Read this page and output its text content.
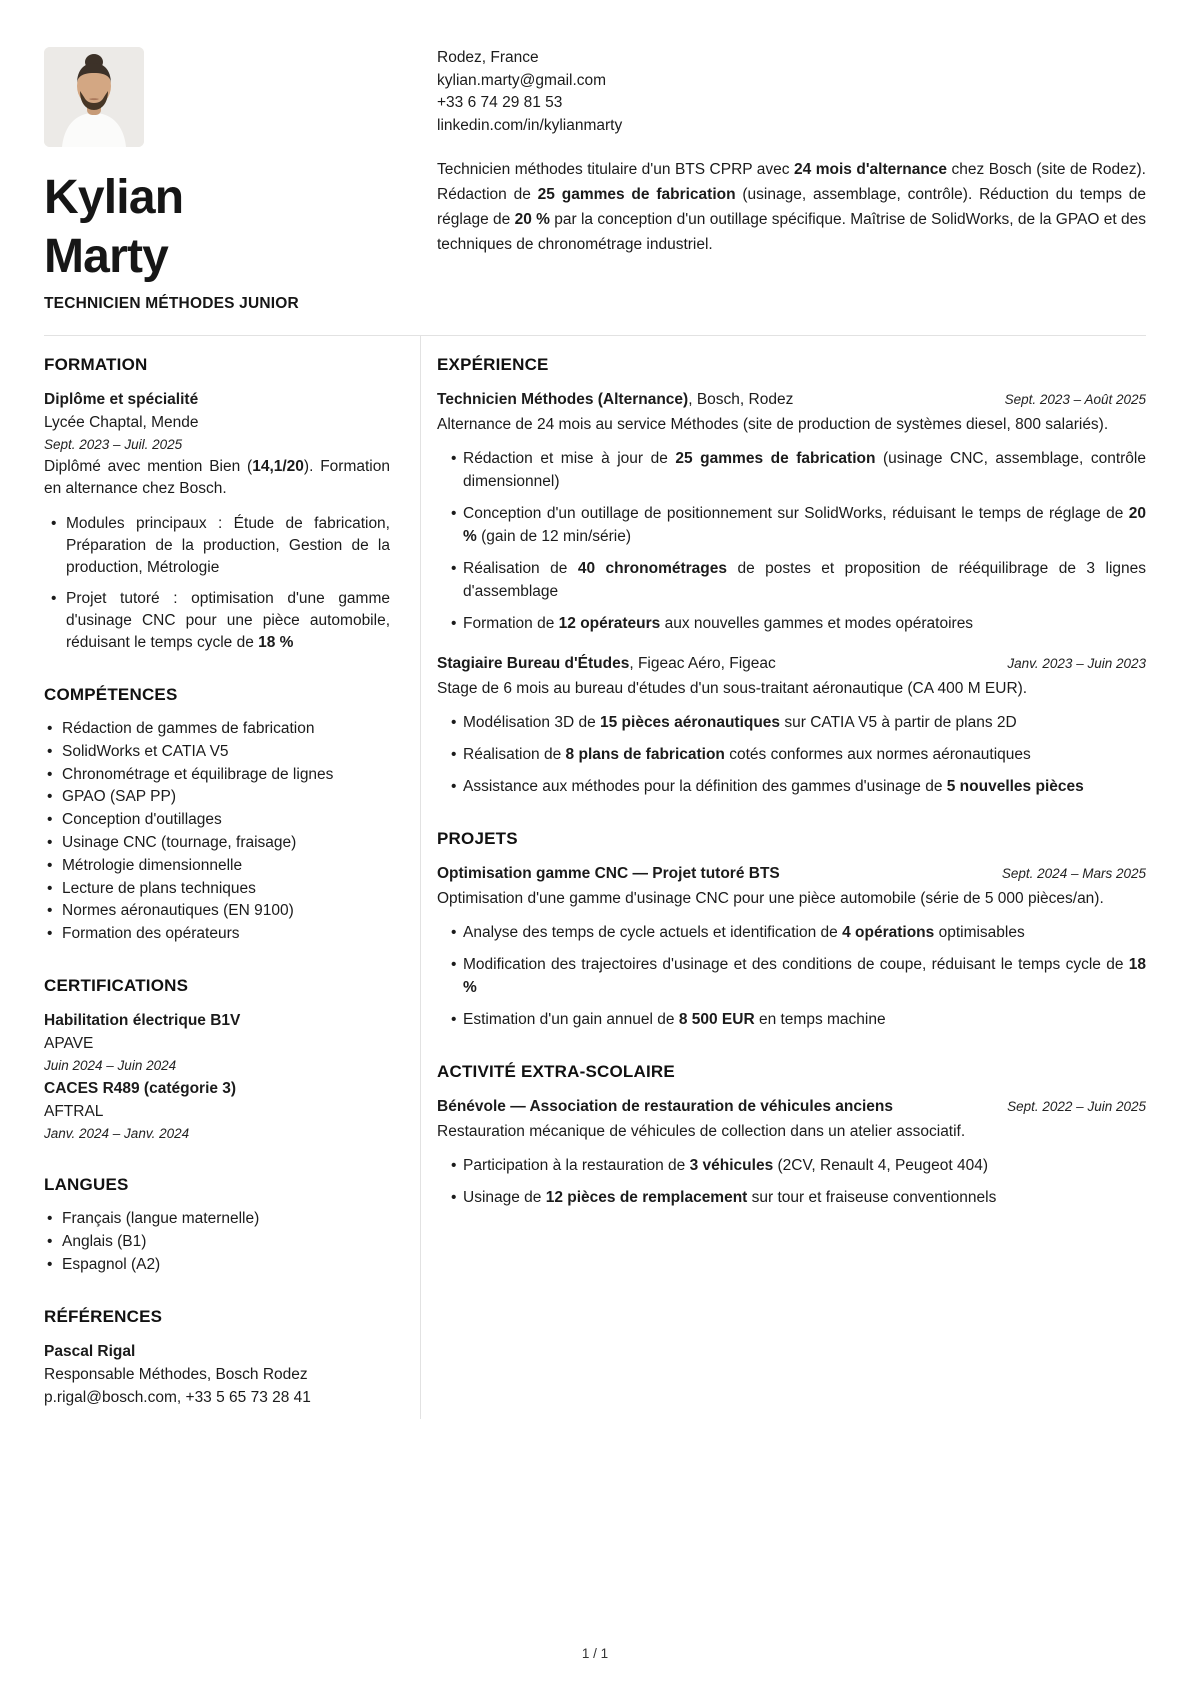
Kylian
Marty
TECHNICIEN MÉTHODES JUNIOR
Rodez, France
kylian.marty@gmail.com
+33 6 74 29 81 53
linkedin.com/in/kylianmarty

Technicien méthodes titulaire d'un BTS CPRP avec 24 mois d'alternance chez Bosch (site de Rodez). Rédaction de 25 gammes de fabrication (usinage, assemblage, contrôle). Réduction du temps de réglage de 20 % par la conception d'un outillage spécifique. Maîtrise de SolidWorks, de la GPAO et des techniques de chronométrage industriel.

FORMATION
Diplôme et spécialité
Lycée Chaptal, Mende
Sept. 2023 – Juil. 2025
Diplômé avec mention Bien (14,1/20). Formation en alternance chez Bosch.
• Modules principaux : Étude de fabrication, Préparation de la production, Gestion de la production, Métrologie
• Projet tutoré : optimisation d'une gamme d'usinage CNC pour une pièce automobile, réduisant le temps cycle de 18 %
COMPÉTENCES
• Rédaction de gammes de fabrication
• SolidWorks et CATIA V5
• Chronométrage et équilibrage de lignes
• GPAO (SAP PP)
• Conception d'outillages
• Usinage CNC (tournage, fraisage)
• Métrologie dimensionnelle
• Lecture de plans techniques
• Normes aéronautiques (EN 9100)
• Formation des opérateurs
CERTIFICATIONS
Habilitation électrique B1V
APAVE
Juin 2024 – Juin 2024
CACES R489 (catégorie 3)
AFTRAL
Janv. 2024 – Janv. 2024
LANGUES
• Français (langue maternelle)
• Anglais (B1)
• Espagnol (A2)
RÉFÉRENCES
Pascal Rigal
Responsable Méthodes, Bosch Rodez
p.rigal@bosch.com, +33 5 65 73 28 41
EXPÉRIENCE
Technicien Méthodes (Alternance), Bosch, Rodez	Sept. 2023 – Août 2025
Alternance de 24 mois au service Méthodes (site de production de systèmes diesel, 800 salariés).
• Rédaction et mise à jour de 25 gammes de fabrication (usinage CNC, assemblage, contrôle dimensionnel)
• Conception d'un outillage de positionnement sur SolidWorks, réduisant le temps de réglage de 20 % (gain de 12 min/série)
• Réalisation de 40 chronométrages de postes et proposition de rééquilibrage de 3 lignes d'assemblage
• Formation de 12 opérateurs aux nouvelles gammes et modes opératoires
Stagiaire Bureau d'Études, Figeac Aéro, Figeac	Janv. 2023 – Juin 2023
Stage de 6 mois au bureau d'études d'un sous-traitant aéronautique (CA 400 M EUR).
• Modélisation 3D de 15 pièces aéronautiques sur CATIA V5 à partir de plans 2D
• Réalisation de 8 plans de fabrication cotés conformes aux normes aéronautiques
• Assistance aux méthodes pour la définition des gammes d'usinage de 5 nouvelles pièces
PROJETS
Optimisation gamme CNC — Projet tutoré BTS	Sept. 2024 – Mars 2025
Optimisation d'une gamme d'usinage CNC pour une pièce automobile (série de 5 000 pièces/an).
• Analyse des temps de cycle actuels et identification de 4 opérations optimisables
• Modification des trajectoires d'usinage et des conditions de coupe, réduisant le temps cycle de 18 %
• Estimation d'un gain annuel de 8 500 EUR en temps machine
ACTIVITÉ EXTRA-SCOLAIRE
Bénévole — Association de restauration de véhicules anciens	Sept. 2022 – Juin 2025
Restauration mécanique de véhicules de collection dans un atelier associatif.
• Participation à la restauration de 3 véhicules (2CV, Renault 4, Peugeot 404)
• Usinage de 12 pièces de remplacement sur tour et fraiseuse conventionnels
1 / 1
